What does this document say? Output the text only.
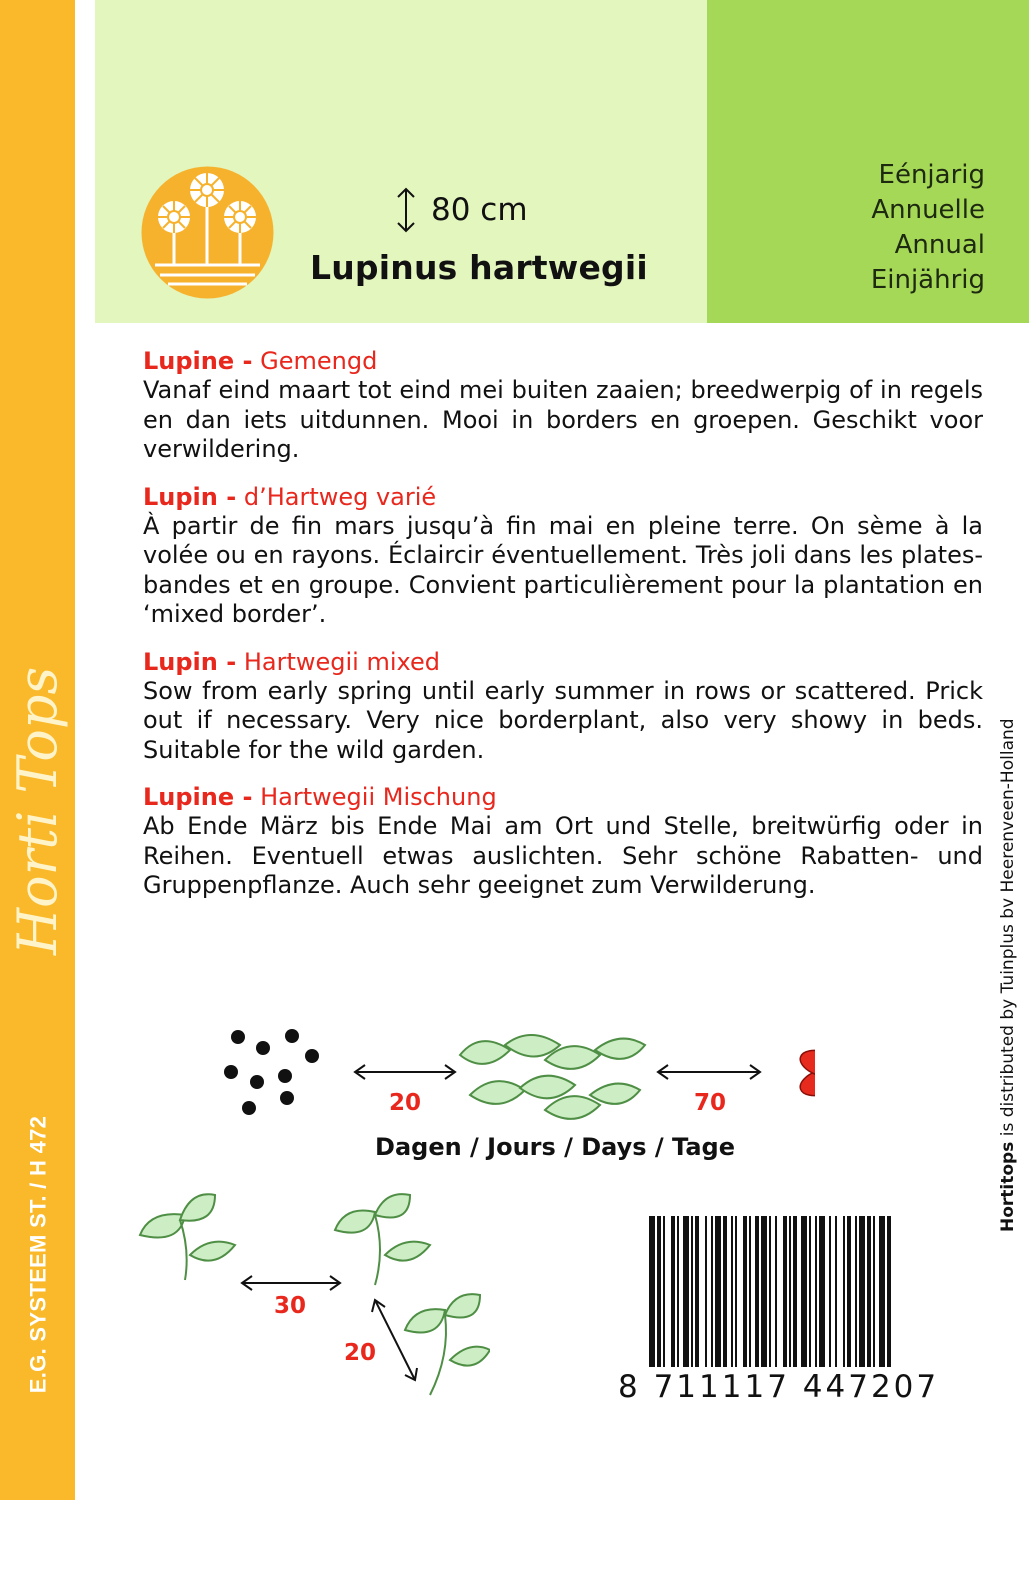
Horti Tops
E.G. SYSTEEM ST. / H 472
80 cm
Lupinus hartwegii
Eénjarig
Annuelle
Annual
Einjährig
Lupine - Gemengd
Vanaf eind maart tot eind mei buiten zaaien; breedwerpig of in regels en dan iets uitdunnen. Mooi in borders en groepen. Geschikt voor verwildering.
Lupin - d’Hartweg varié
À partir de fin mars jusqu’à fin mai en pleine terre. On sème à la volée ou en rayons. Éclaircir éventuellement. Très joli dans les plates-bandes et en groupe. Convient particulièrement pour la plantation en ‘mixed border’.
Lupin - Hartwegii mixed
Sow from early spring until early summer in rows or scattered. Prick out if necessary. Very nice borderplant, also very showy in beds. Suitable for the wild garden.
Lupine - Hartwegii Mischung
Ab Ende März bis Ende Mai am Ort und Stelle, breitwürfig oder in Reihen. Eventuell etwas auslichten. Sehr schöne Rabatten- und Gruppenpflanze. Auch sehr geeignet zum Verwilderung.
Hortitops is distributed by Tuinplus bv Heerenveen-Holland
20	70
Dagen / Jours / Days / Tage
30
20
8 711117 447207
